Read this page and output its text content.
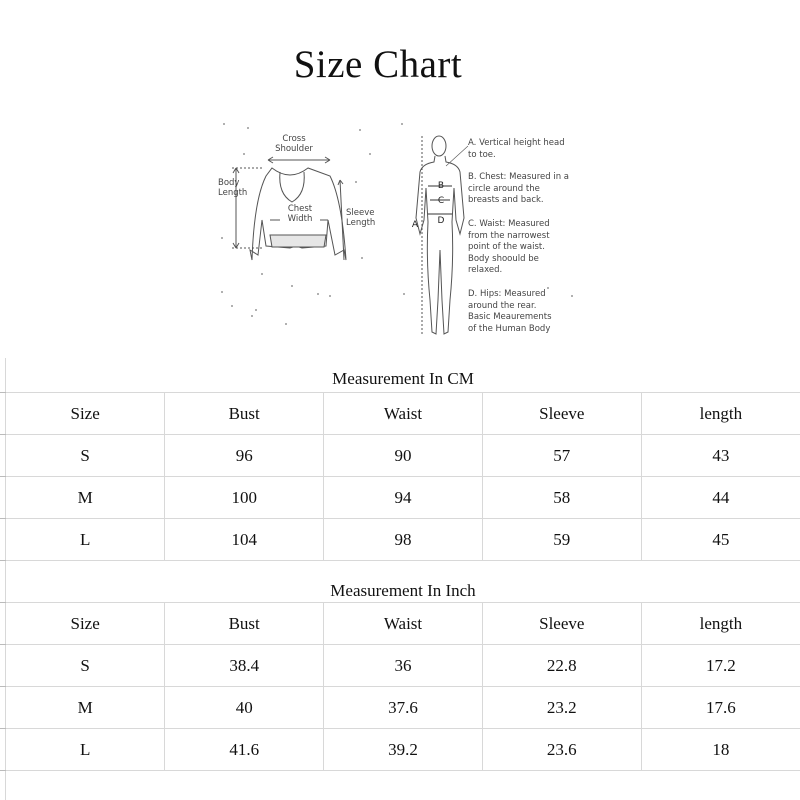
Size Chart
Cross
Shoulder
Body
Length
Chest
Width
Sleeve
Length	A
B
C
D
A. Vertical height head
to toe.
B. Chest: Measured in a
circle around the
breasts and back.
C. Waist: Measured
from the narrowest
point of the waist.
Body shoould be
relaxed.
D. Hips: Measured
around the rear.
Basic Meaurements
of the Human Body
Measurement In CM
Size	Bust	Waist	Sleeve	length
S	96	90	57	43
M	100	94	58	44
L	104	98	59	45
Measurement In Inch
Size	Bust	Waist	Sleeve	length
S	38.4	36	22.8	17.2
M	40	37.6	23.2	17.6
L	41.6	39.2	23.6	18
